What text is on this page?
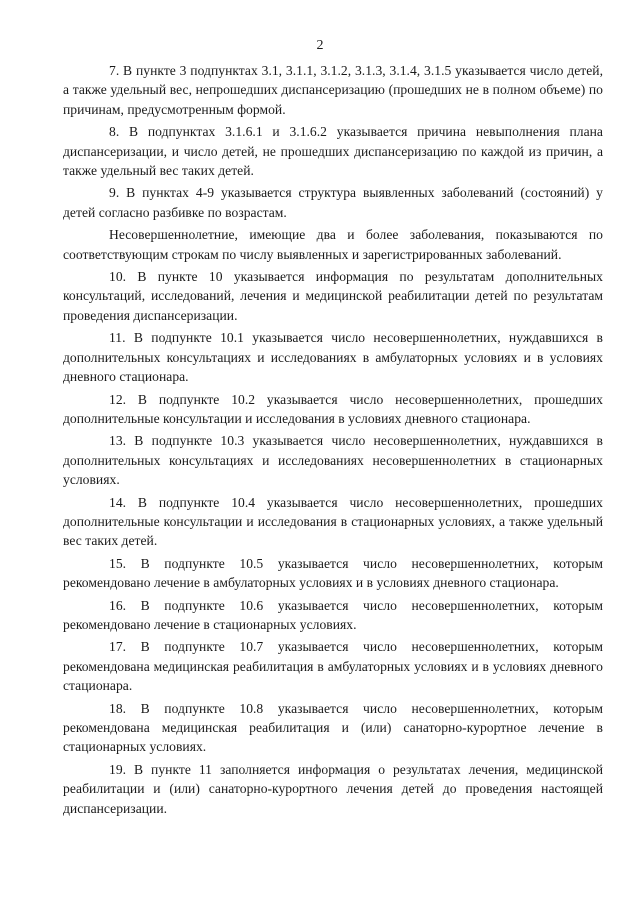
2

7. В пункте 3 подпунктах 3.1, 3.1.1, 3.1.2, 3.1.3, 3.1.4, 3.1.5 указывается число детей, а также удельный вес, непрошедших диспансеризацию (прошедших не в полном объеме) по причинам, предусмотренным формой.

8. В подпунктах 3.1.6.1 и 3.1.6.2 указывается причина невыполнения плана диспансеризации, и число детей, не прошедших диспансеризацию по каждой из причин, а также удельный вес таких детей.

9. В пунктах 4-9 указывается структура выявленных заболеваний (состояний) у детей согласно разбивке по возрастам.

Несовершеннолетние, имеющие два и более заболевания, показываются по соответствующим строкам по числу выявленных и зарегистрированных заболеваний.

10. В пункте 10 указывается информация по результатам дополнительных консультаций, исследований, лечения и медицинской реабилитации детей по результатам проведения диспансеризации.

11. В подпункте 10.1 указывается число несовершеннолетних, нуждавшихся в дополнительных консультациях и исследованиях в амбулаторных условиях и в условиях дневного стационара.

12. В подпункте 10.2 указывается число несовершеннолетних, прошедших дополнительные консультации и исследования в условиях дневного стационара.

13. В подпункте 10.3 указывается число несовершеннолетних, нуждавшихся в дополнительных консультациях и исследованиях несовершеннолетних в стационарных условиях.

14. В подпункте 10.4 указывается число несовершеннолетних, прошедших дополнительные консультации и исследования в стационарных условиях, а также удельный вес таких детей.

15. В подпункте 10.5 указывается число несовершеннолетних, которым рекомендовано лечение в амбулаторных условиях и в условиях дневного стационара.

16. В подпункте 10.6 указывается число несовершеннолетних, которым рекомендовано лечение в стационарных условиях.

17. В подпункте 10.7 указывается число несовершеннолетних, которым рекомендована медицинская реабилитация в амбулаторных условиях и в условиях дневного стационара.

18. В подпункте 10.8 указывается число несовершеннолетних, которым рекомендована медицинская реабилитация и (или) санаторно-курортное лечение в стационарных условиях.

19. В пункте 11 заполняется информация о результатах лечения, медицинской реабилитации и (или) санаторно-курортного лечения детей до проведения настоящей диспансеризации.
